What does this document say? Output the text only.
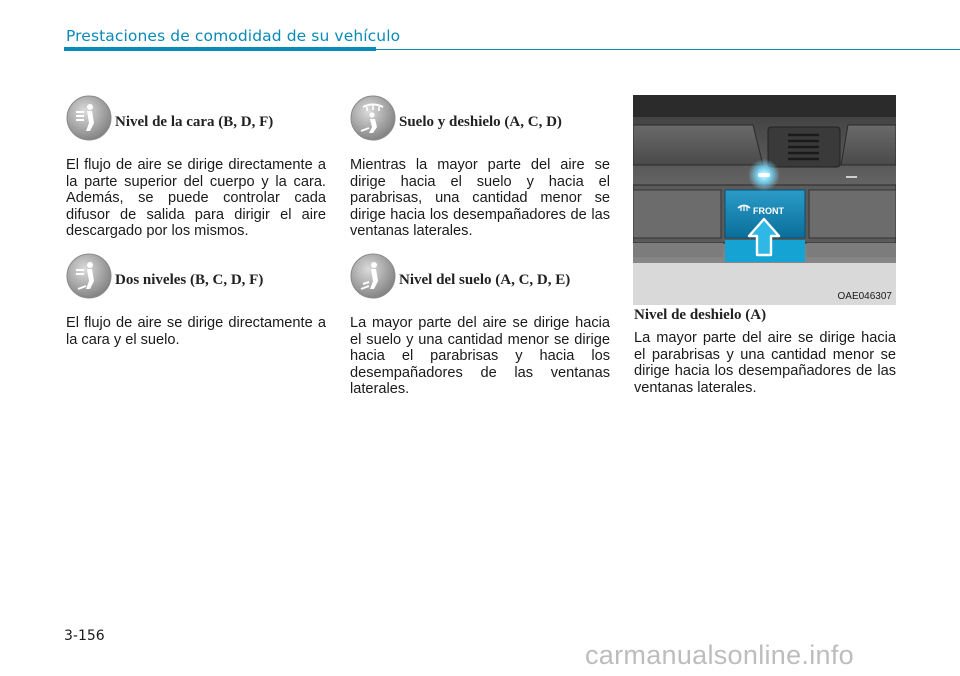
Prestaciones de comodidad de su vehículo
Nivel de la cara (B, D, F)

El flujo de aire se dirige directamente a la parte superior del cuerpo y la cara. Además, se puede controlar cada difusor de salida para dirigir el aire descargado por los mismos.

Dos niveles (B, C, D, F)

El flujo de aire se dirige directamente a la cara y el suelo.

Suelo y deshielo (A, C, D)

Mientras la mayor parte del aire se dirige hacia el suelo y hacia el parabrisas, una cantidad menor se dirige hacia los desempañadores de las ventanas laterales.

Nivel del suelo (A, C, D, E)

La mayor parte del aire se dirige hacia el suelo y una cantidad menor se dirige hacia el parabrisas y hacia los desempañadores de las ventanas laterales.

FRONT
OAE046307
Nivel de deshielo (A)

La mayor parte del aire se dirige hacia el parabrisas y una cantidad menor se dirige hacia los desempañadores de las ventanas laterales.

3-156
carmanualsonline.info
